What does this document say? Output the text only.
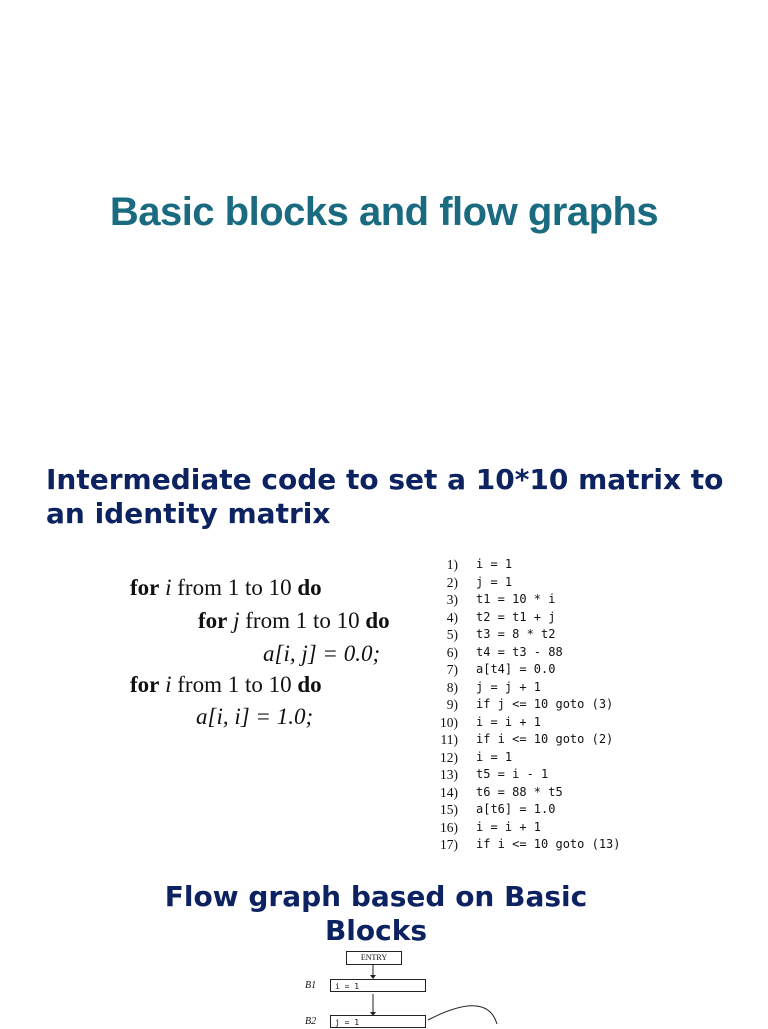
Basic blocks and flow graphs
Intermediate code to set a 10*10 matrix to an identity matrix
for i from 1 to 10 do
for j from 1 to 10 do
a[i, j] = 0.0;
for i from 1 to 10 do
a[i, i] = 1.0;
1) i = 1
2) j = 1
3) t1 = 10 * i
4) t2 = t1 + j
5) t3 = 8 * t2
6) t4 = t3 - 88
7) a[t4] = 0.0
8) j = j + 1
9) if j <= 10 goto (3)
10) i = i + 1
11) if i <= 10 goto (2)
12) i = 1
13) t5 = i - 1
14) t6 = 88 * t5
15) a[t6] = 1.0
16) i = i + 1
17) if i <= 10 goto (13)
Flow graph based on Basic Blocks
ENTRY
B1	i = 1
B2	j = 1
